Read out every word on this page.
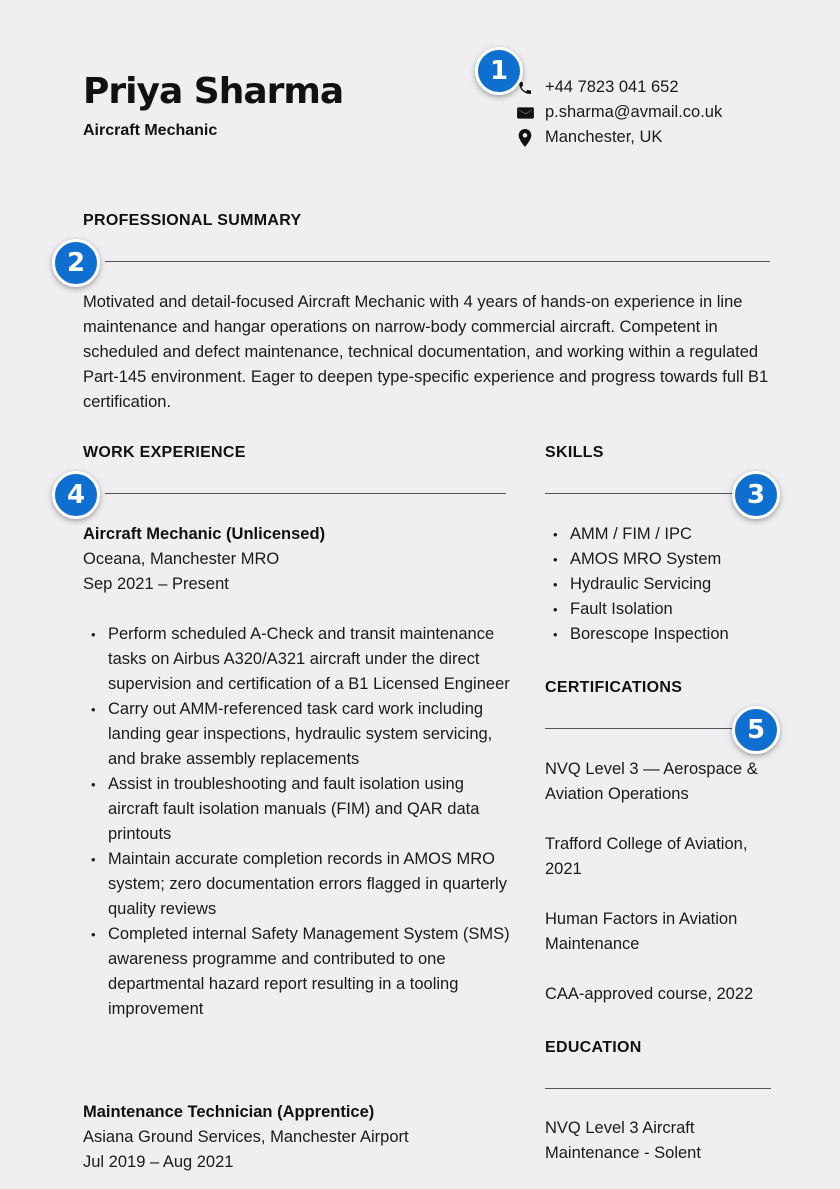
Priya Sharma
Aircraft Mechanic
+44 7823 041 652
p.sharma@avmail.co.uk
Manchester, UK
PROFESSIONAL SUMMARY

Motivated and detail-focused Aircraft Mechanic with 4 years of hands-on experience in line maintenance and hangar operations on narrow-body commercial aircraft. Competent in scheduled and defect maintenance, technical documentation, and working within a regulated Part-145 environment. Eager to deepen type-specific experience and progress towards full B1 certification.

WORK EXPERIENCE
Aircraft Mechanic (Unlicensed)
Oceana, Manchester MRO
Sep 2021 – Present
• Perform scheduled A-Check and transit maintenance tasks on Airbus A320/A321 aircraft under the direct supervision and certification of a B1 Licensed Engineer
• Carry out AMM-referenced task card work including landing gear inspections, hydraulic system servicing, and brake assembly replacements
• Assist in troubleshooting and fault isolation using aircraft fault isolation manuals (FIM) and QAR data printouts
• Maintain accurate completion records in AMOS MRO system; zero documentation errors flagged in quarterly quality reviews
• Completed internal Safety Management System (SMS) awareness programme and contributed to one departmental hazard report resulting in a tooling improvement
Maintenance Technician (Apprentice)
Asiana Ground Services, Manchester Airport
Jul 2019 – Aug 2021
SKILLS
• AMM / FIM / IPC
• AMOS MRO System
• Hydraulic Servicing
• Fault Isolation
• Borescope Inspection
CERTIFICATIONS
NVQ Level 3 — Aerospace & Aviation Operations
Trafford College of Aviation, 2021
Human Factors in Aviation Maintenance
CAA-approved course, 2022
EDUCATION
NVQ Level 3 Aircraft Maintenance - Solent
1
2
3
4
5
